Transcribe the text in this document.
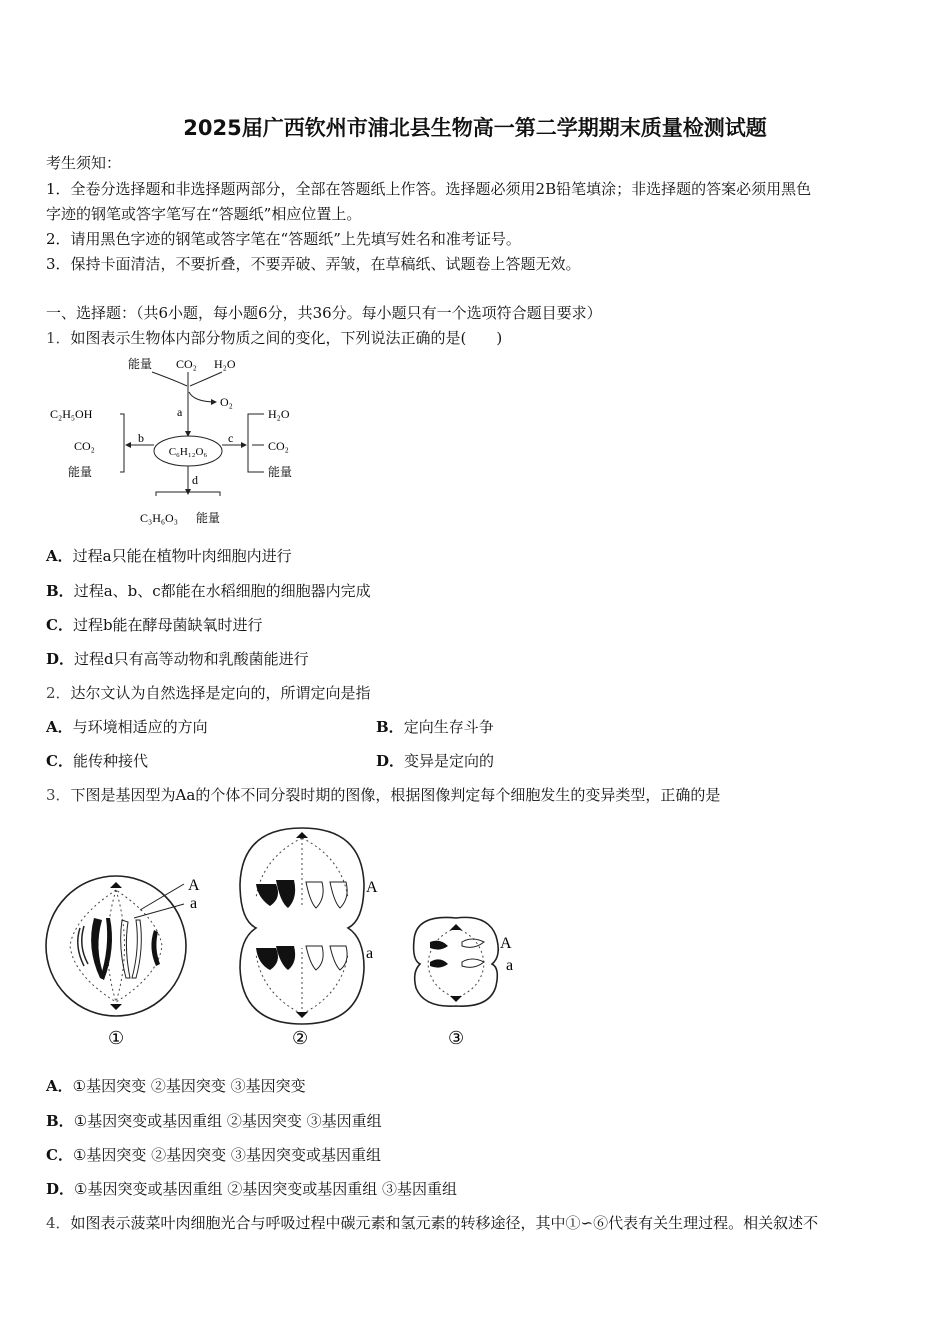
2025届广西钦州市浦北县生物高一第二学期期末质量检测试题
考生须知：
1．全卷分选择题和非选择题两部分，全部在答题纸上作答。选择题必须用2B铅笔填涂；非选择题的答案必须用黑色
字迹的钢笔或答字笔写在“答题纸”相应位置上。
2．请用黑色字迹的钢笔或答字笔在“答题纸”上先填写姓名和准考证号。
3．保持卡面清洁，不要折叠，不要弄破、弄皱，在草稿纸、试题卷上答题无效。
一、选择题：（共6小题，每小题6分，共36分。每小题只有一个选项符合题目要求）
1．如图表示生物体内部分物质之间的变化，下列说法正确的是(　　)
能量 CO₂ H₂O
O₂
a
C₆H₁₂O₆
b
C₂H₅OH
CO₂
能量
c
H₂O
CO₂
能量
d
C₃H₆O₃ 能量
A．过程a只能在植物叶肉细胞内进行
B．过程a、b、c都能在水稻细胞的细胞器内完成
C．过程b能在酵母菌缺氧时进行
D．过程d只有高等动物和乳酸菌能进行
2．达尔文认为自然选择是定向的，所谓定向是指
A．与环境相适应的方向	B．定向生存斗争
C．能传种接代	D．变异是定向的
3．下图是基因型为Aa的个体不同分裂时期的图像，根据图像判定每个细胞发生的变异类型，正确的是
A
a
①
A
a
②
A
a
③
A．①基因突变 ②基因突变 ③基因突变
B．①基因突变或基因重组 ②基因突变 ③基因重组
C．①基因突变 ②基因突变 ③基因突变或基因重组
D．①基因突变或基因重组 ②基因突变或基因重组 ③基因重组
4．如图表示菠菜叶肉细胞光合与呼吸过程中碳元素和氢元素的转移途径，其中①∽⑥代表有关生理过程。相关叙述不
